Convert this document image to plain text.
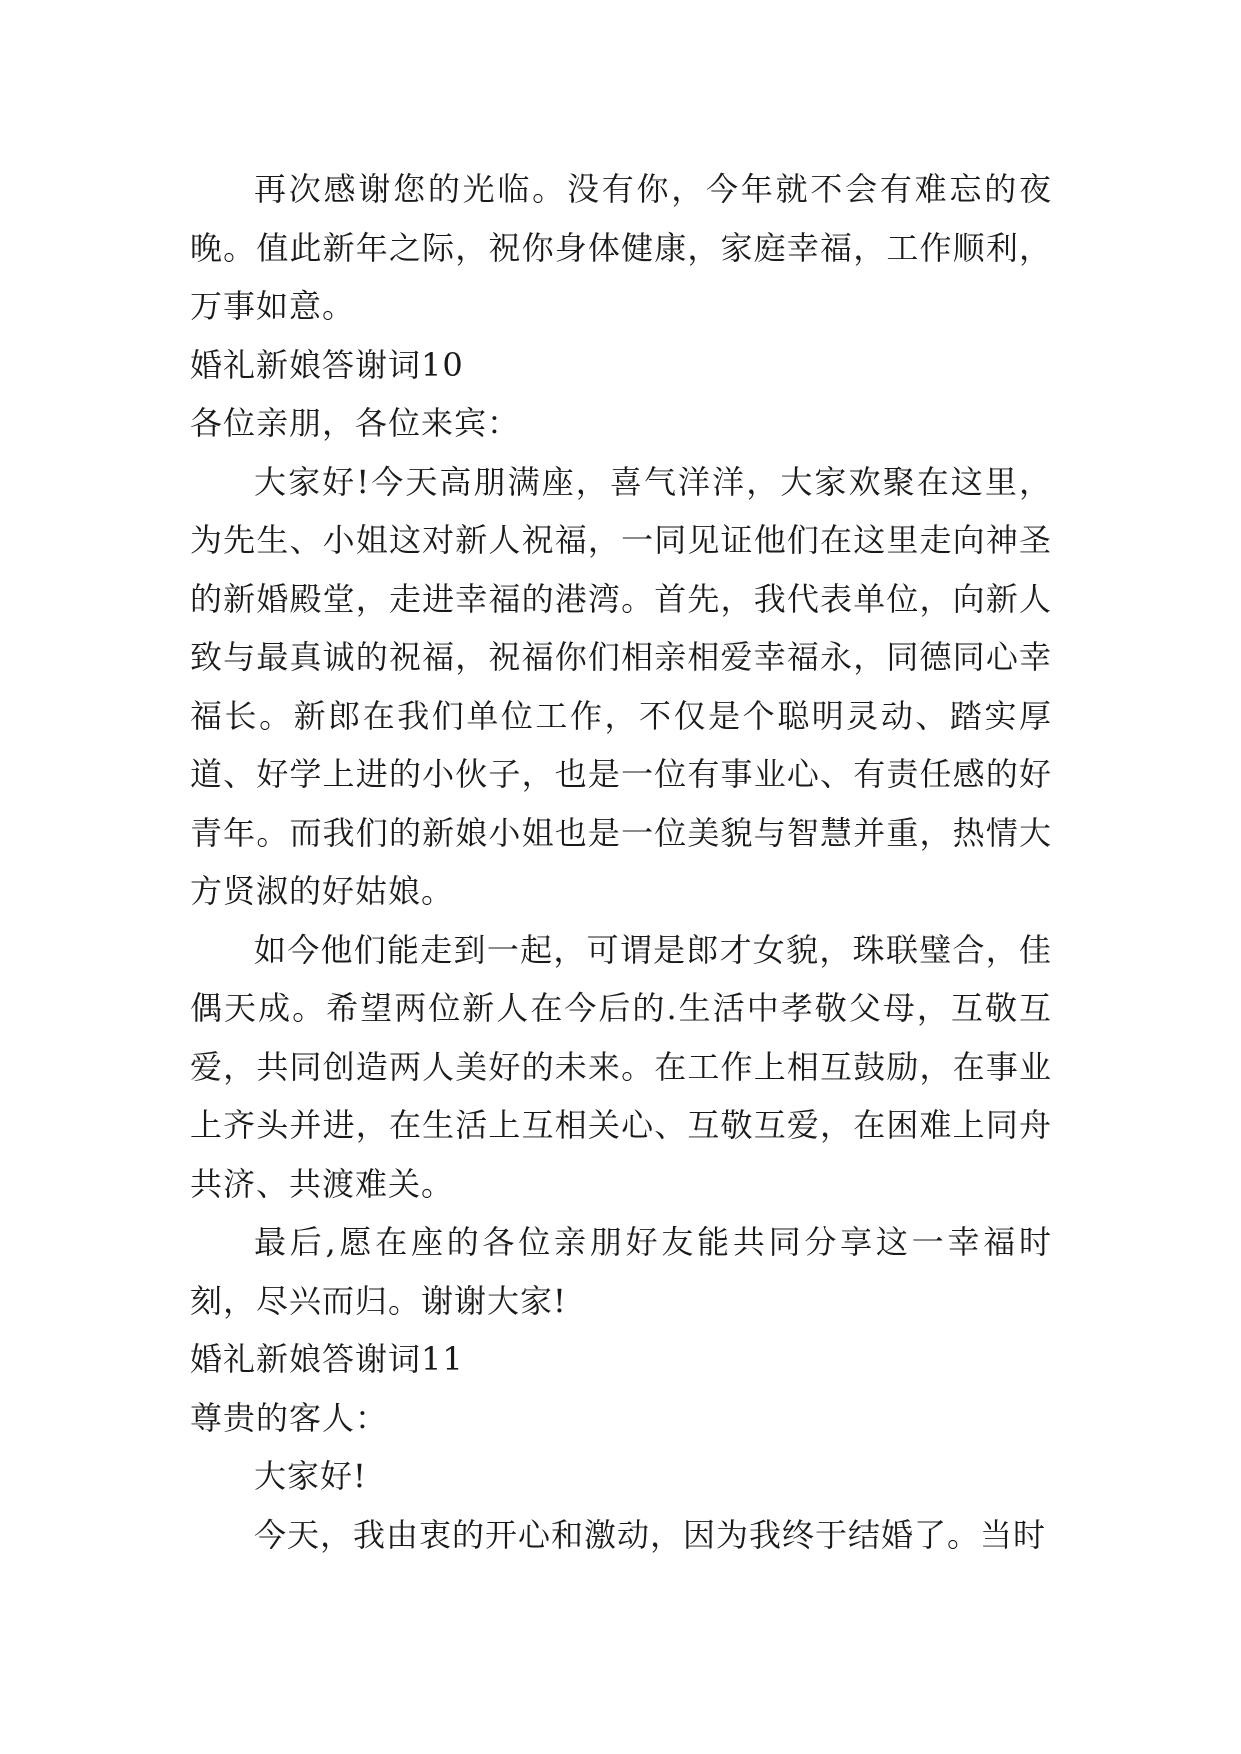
再次感谢您的光临。没有你，今年就不会有难忘的夜晚。值此新年之际，祝你身体健康，家庭幸福，工作顺利，万事如意。

婚礼新娘答谢词10

各位亲朋，各位来宾：

大家好!今天高朋满座，喜气洋洋，大家欢聚在这里，为先生、小姐这对新人祝福，一同见证他们在这里走向神圣的新婚殿堂，走进幸福的港湾。首先，我代表单位，向新人致与最真诚的祝福，祝福你们相亲相爱幸福永，同德同心幸福长。新郎在我们单位工作，不仅是个聪明灵动、踏实厚道、好学上进的小伙子，也是一位有事业心、有责任感的好青年。而我们的新娘小姐也是一位美貌与智慧并重，热情大方贤淑的好姑娘。

如今他们能走到一起，可谓是郎才女貌，珠联璧合，佳偶天成。希望两位新人在今后的.生活中孝敬父母，互敬互爱，共同创造两人美好的未来。在工作上相互鼓励，在事业上齐头并进，在生活上互相关心、互敬互爱，在困难上同舟共济、共渡难关。

最后,愿在座的各位亲朋好友能共同分享这一幸福时刻，尽兴而归。谢谢大家!

婚礼新娘答谢词11

尊贵的客人：

大家好!

今天，我由衷的开心和激动，因为我终于结婚了。当时
